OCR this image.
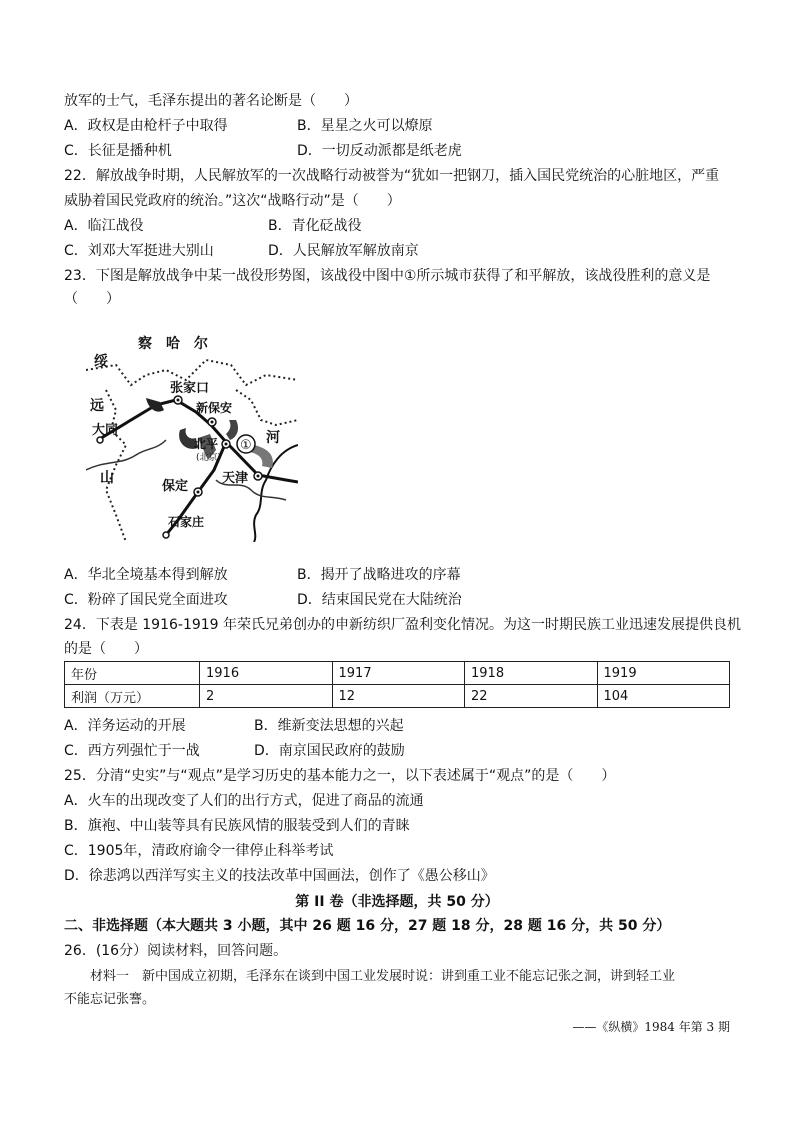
放军的士气，毛泽东提出的著名论断是（　　）
A．政权是由枪杆子中取得	B．星星之火可以燎原
C．长征是播种机	D．一切反动派都是纸老虎
22．解放战争时期，人民解放军的一次战略行动被誉为“犹如一把钢刀，插入国民党统治的心脏地区，严重
威胁着国民党政府的统治。”这次“战略行动”是（　　）
A．临江战役	B．青化砭战役
C．刘邓大军挺进大别山	D．人民解放军解放南京
23．下图是解放战争中某一战役形势图，该战役中图中①所示城市获得了和平解放，该战役胜利的意义是
（　　）
察　哈　尔
绥
远
山
河
张家口
新保安
大同
北平
(北京)
①
天津
保定
石家庄
A．华北全境基本得到解放	B．揭开了战略进攻的序幕
C．粉碎了国民党全面进攻	D．结束国民党在大陆统治
24．下表是 1916-1919 年荣氏兄弟创办的申新纺织厂盈利变化情况。为这一时期民族工业迅速发展提供良机
的是（　　）
年份	1916	1917	1918	1919
利润（万元）	2	12	22	104
A．洋务运动的开展	B．维新变法思想的兴起
C．西方列强忙于一战	D．南京国民政府的鼓励
25．分清“史实”与“观点”是学习历史的基本能力之一，以下表述属于“观点”的是（　　）
A．火车的出现改变了人们的出行方式，促进了商品的流通
B．旗袍、中山装等具有民族风情的服装受到人们的青睐
C．1905年，清政府谕令一律停止科举考试
D．徐悲鸿以西洋写实主义的技法改革中国画法，创作了《愚公移山》
第 II 卷（非选择题，共 50 分）
二、非选择题（本大题共 3 小题，其中 26 题 16 分，27 题 18 分，28 题 16 分，共 50 分）
26．(16分）阅读材料，回答问题。
材料一　新中国成立初期，毛泽东在谈到中国工业发展时说：讲到重工业不能忘记张之洞，讲到轻工业
不能忘记张謇。
——《纵横》1984 年第 3 期
